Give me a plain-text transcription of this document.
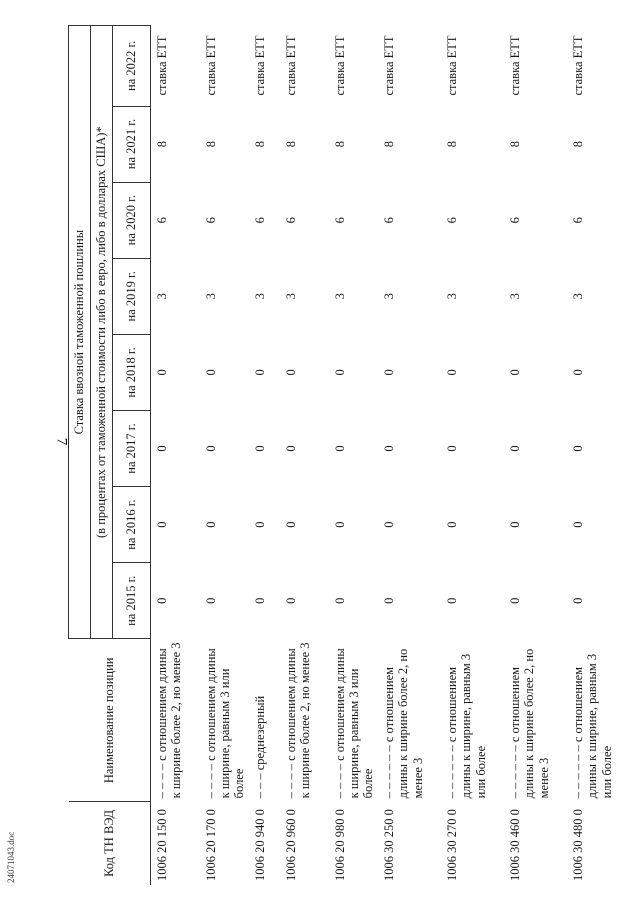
7
Код ТН ВЭД	Наименование позиции	Ставка ввозной таможенной пошлины							
		(в процентах от таможенной стоимости либо в евро, либо в долларах США)*							
		на 2015 г.	на 2016 г.	на 2017 г.	на 2018 г.	на 2019 г.	на 2020 г.	на 2021 г.	на 2022 г.
1006 20 150 0	– – – – с отношением длины к ширине более 2, но менее 3	0	0	0	0	3	6	8	ставка ЕТТ
1006 20 170 0	– – – – с отношением длины к ширине, равным 3 или более	0	0	0	0	3	6	8	ставка ЕТТ
1006 20 940 0	– – – среднезерный	0	0	0	0	3	6	8	ставка ЕТТ
1006 20 960 0	– – – – с отношением длины к ширине более 2, но менее 3	0	0	0	0	3	6	8	ставка ЕТТ
1006 20 980 0	– – – – с отношением длины к ширине, равным 3 или более	0	0	0	0	3	6	8	ставка ЕТТ
1006 30 250 0	– – – – – – с отношением длины к ширине более 2, но менее 3	0	0	0	0	3	6	8	ставка ЕТТ
1006 30 270 0	– – – – – – с отношением длины к ширине, равным 3 или более	0	0	0	0	3	6	8	ставка ЕТТ
1006 30 460 0	– – – – – – с отношением длины к ширине более 2, но менее 3	0	0	0	0	3	6	8	ставка ЕТТ
1006 30 480 0	– – – – – – с отношением длины к ширине, равным 3 или более	0	0	0	0	3	6	8	ставка ЕТТ
24071043.doc
